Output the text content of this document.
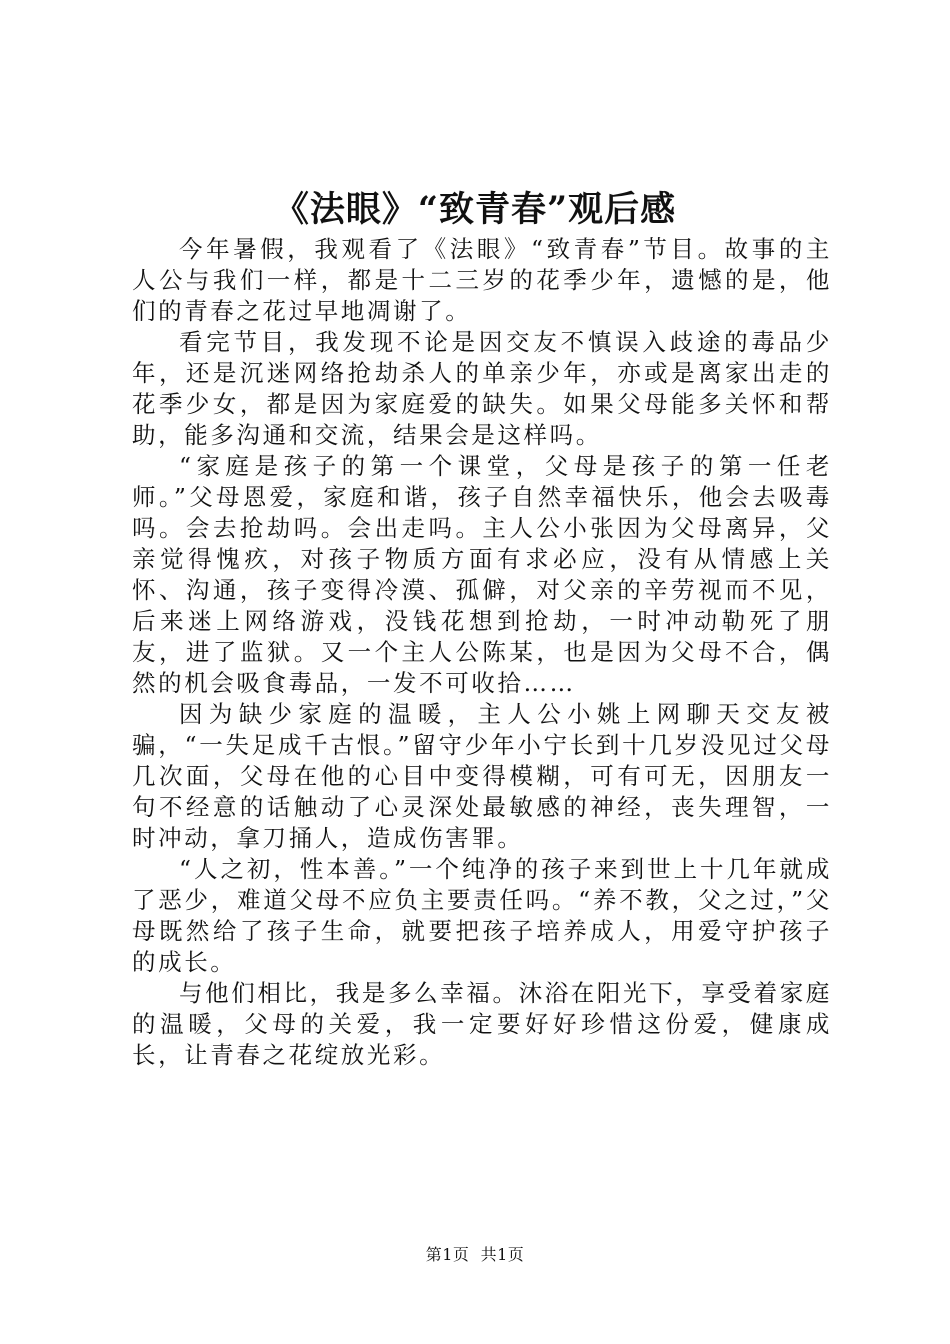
《法眼》“致青春”观后感

今年暑假，我观看了《法眼》“致青春”节目。故事的主人公与我们一样，都是十二三岁的花季少年，遗憾的是，他们的青春之花过早地凋谢了。

看完节目，我发现不论是因交友不慎误入歧途的毒品少年，还是沉迷网络抢劫杀人的单亲少年，亦或是离家出走的花季少女，都是因为家庭爱的缺失。如果父母能多关怀和帮助，能多沟通和交流，结果会是这样吗。

“家庭是孩子的第一个课堂，父母是孩子的第一任老师。”父母恩爱，家庭和谐，孩子自然幸福快乐，他会去吸毒吗。会去抢劫吗。会出走吗。主人公小张因为父母离异，父亲觉得愧疚，对孩子物质方面有求必应，没有从情感上关怀、沟通，孩子变得冷漠、孤僻，对父亲的辛劳视而不见，后来迷上网络游戏，没钱花想到抢劫，一时冲动勒死了朋友，进了监狱。又一个主人公陈某，也是因为父母不合，偶然的机会吸食毒品，一发不可收拾……

因为缺少家庭的温暖，主人公小姚上网聊天交友被骗，“一失足成千古恨。”留守少年小宁长到十几岁没见过父母几次面，父母在他的心目中变得模糊，可有可无，因朋友一句不经意的话触动了心灵深处最敏感的神经，丧失理智，一时冲动，拿刀捅人，造成伤害罪。

“人之初，性本善。”一个纯净的孩子来到世上十几年就成了恶少，难道父母不应负主要责任吗。“养不教，父之过，”父母既然给了孩子生命，就要把孩子培养成人，用爱守护孩子的成长。

与他们相比，我是多么幸福。沐浴在阳光下，享受着家庭的温暖，父母的关爱，我一定要好好珍惜这份爱，健康成长，让青春之花绽放光彩。

第1页  共1页
